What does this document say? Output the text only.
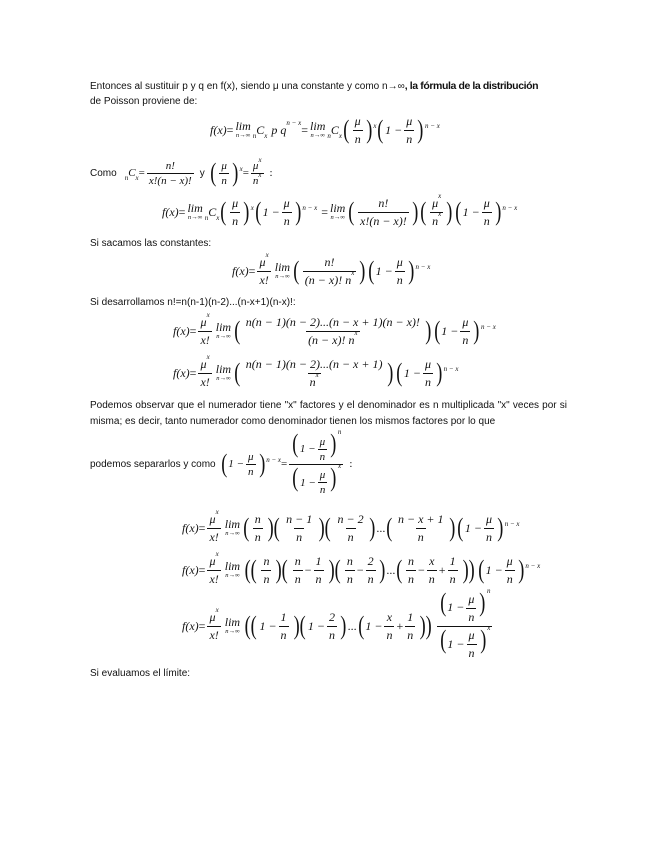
Entonces al sustituir p y q en f(x), siendo μ una constante y como n→∞, la fórmula de la distribución
de Poisson proviene de:
f(x) = lim
n→∞ $_nC_x$ p $q^{n - x} = \lim$
n→∞ $_nC_x$ ( $\frac{\mu}{n}$ ) x ( $1 - \frac{\mu}{n}$ ) n − x
Como $_nC_x = \frac{n!}{x!(n - x)!}$ y ( $\frac{\mu}{n}$ ) $x = \frac{\mu^x}{n^x}$ :
f(x) = lim
n→∞ $_nC_x$ ( $\frac{\mu}{n}$ ) x ( $1 - \frac{\mu}{n}$ ) n − x = lim
n→∞ ( $\frac{n!}{x!(n - x)!}$ ) ( $\frac{\mu^x}{n^x}$ ) ( $1 - \frac{\mu}{n}$ ) n − x
Si sacamos las constantes:
$f(x) = \frac{\mu^x}{x!}$ lim
n→∞ ( $\frac{n!}{(n - x)! n^x}$ ) ( $1 - \frac{\mu}{n}$ ) n − x
Si desarrollamos n!=n(n-1)(n-2)...(n-x+1)(n-x)!:
$f(x) = \frac{\mu^x}{x!}$ lim
n→∞ ( $\frac{n(n - 1)(n - 2)...(n - x + 1)(n - x)!}{(n - x)! n^x}$ ) ( $1 - \frac{\mu}{n}$ ) n − x
$f(x) = \frac{\mu^x}{x!}$ lim
n→∞ ( $\frac{n(n - 1)(n - 2)...(n - x + 1)}{n^x}$ ) ( $1 - \frac{\mu}{n}$ ) n − x
Podemos observar que el numerador tiene "x" factores y el denominador es n multiplicada "x" veces por si misma; es decir, tanto numerador como denominador tienen los mismos factores por lo que
podemos separarlos y como ( $1 - \frac{\mu}{n}$ ) $n - x = \frac{(1 - \frac{\mu}{n} )^n}{(1 - \frac{\mu}{n} )^x}$ :
$f(x) = \frac{\mu^x}{x!}$ lim
n→∞ ( $\frac{n}{n}$ )( $\frac{n - 1}{n}$ )( $\frac{n - 2}{n}$ ) ... ( $\frac{n - x + 1}{n}$ ) ( $1 - \frac{\mu}{n}$ ) n − x
$f(x) = \frac{\mu^x}{x!}$ lim
n→∞ (( $\frac{n}{n}$ )( $\frac{n}{n} - \frac{1}{n}$ )( $\frac{n}{n} - \frac{2}{n}$ ) ... ( $\frac{n}{n} - \frac{x}{n} + \frac{1}{n}$ )) ( $1 - \frac{\mu}{n}$ ) n − x
$f(x) = \frac{\mu^x}{x!}$ lim
n→∞ (( $1 - \frac{1}{n}$ )( $1 - \frac{2}{n}$ ) ... ( $1 - \frac{x}{n} + \frac{1}{n}$ )) $\frac{(1 - \frac{\mu}{n} )^n}{(1 - \frac{\mu}{n} )^x}$
Si evaluamos el límite:
